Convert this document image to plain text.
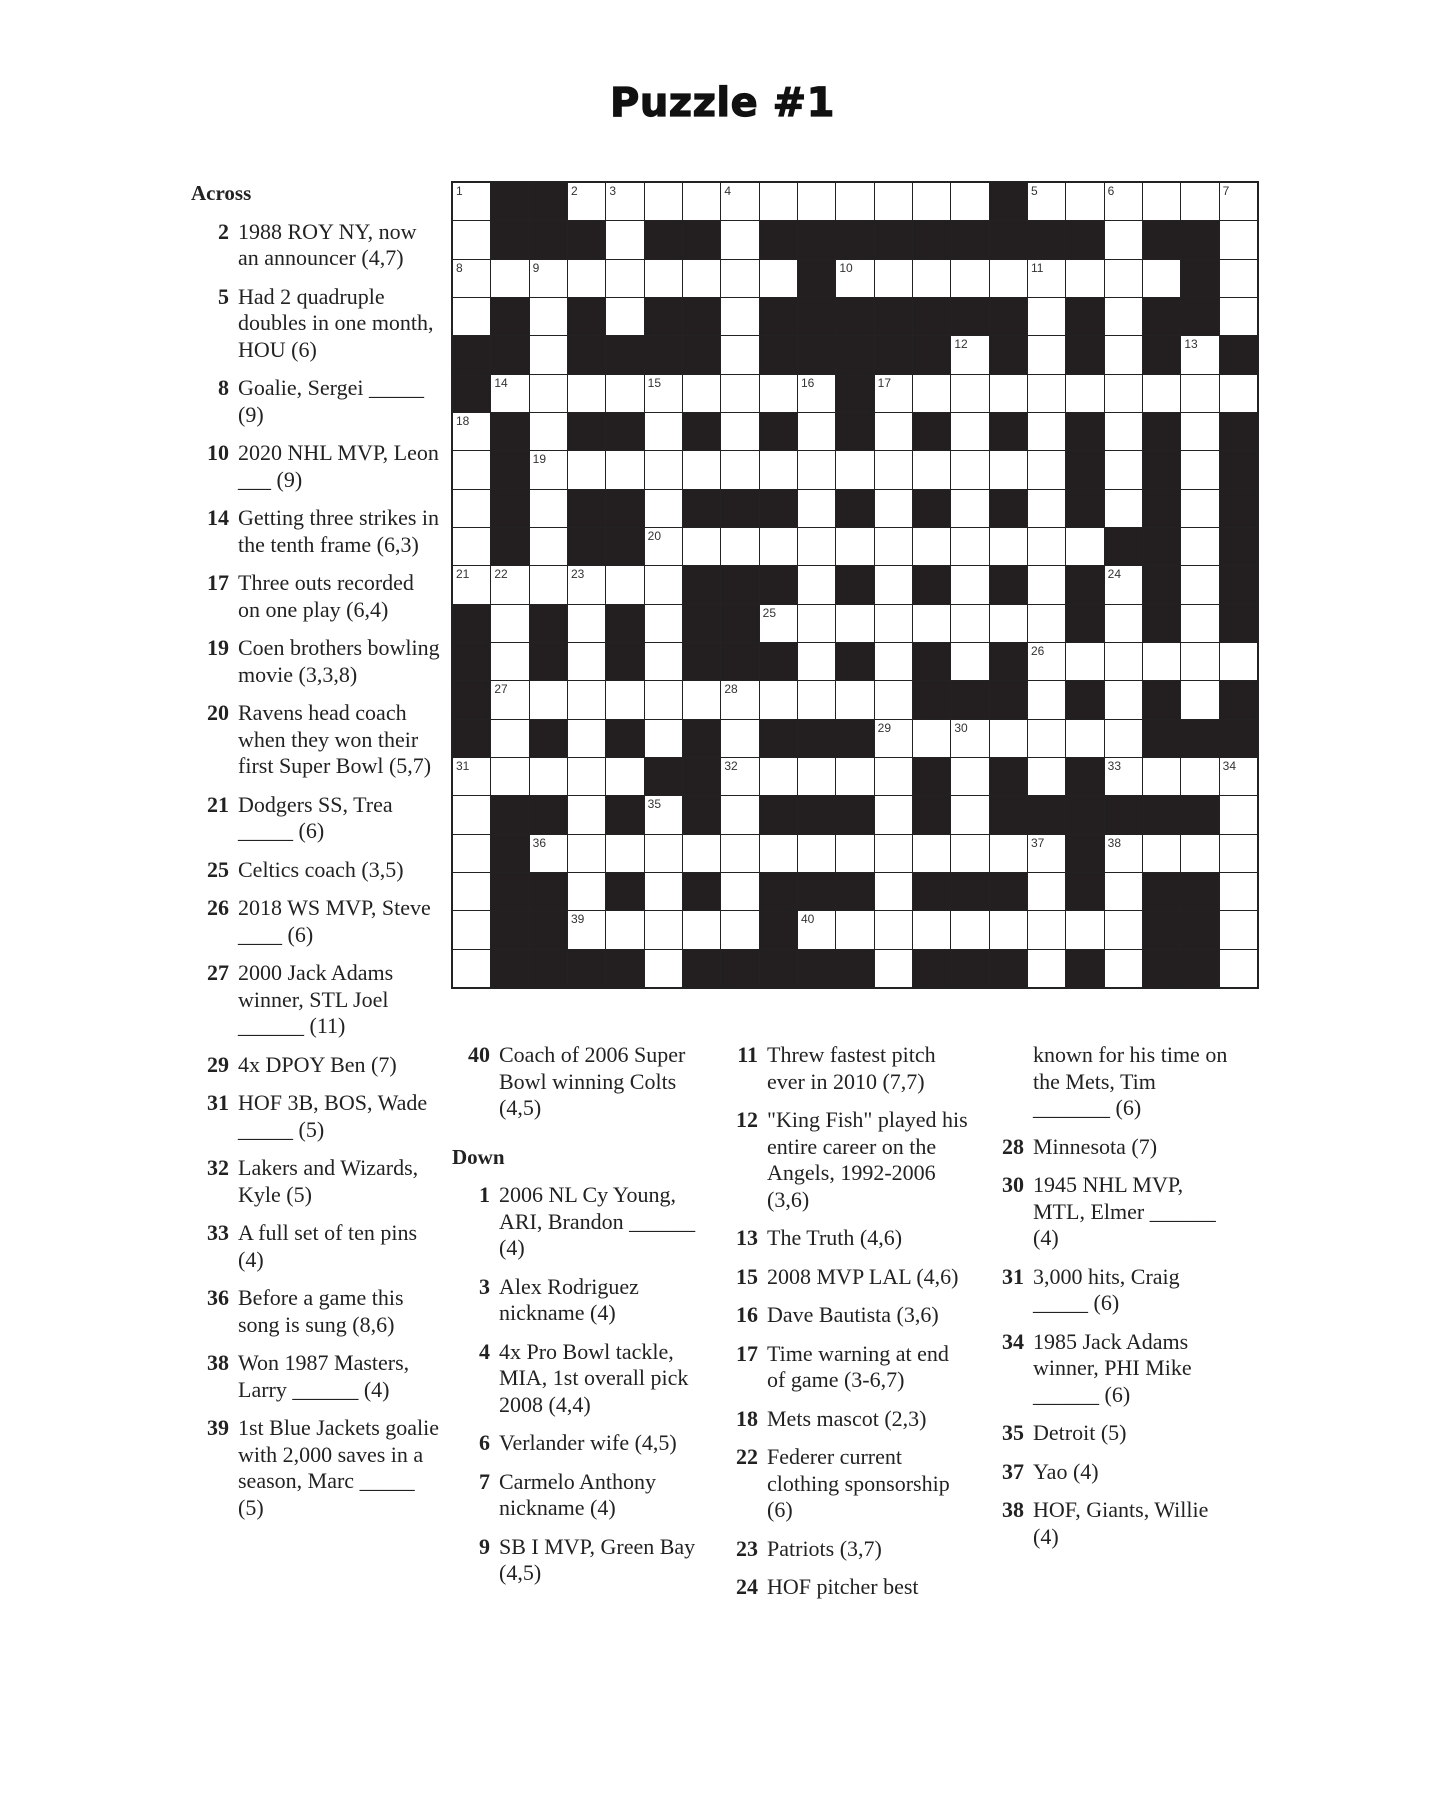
Puzzle #1
1	2	3	4	5	6	7
8	9	10	11
12	13
14	15	16	17
18
19
20
21 22	23	24
25
26
27	28
29	30
31	32	33	34
35
36	37	38
39	40
Across
2 1988 ROY NY, now an announcer (4,7)
5 Had 2 quadruple doubles in one month, HOU (6)
8 Goalie, Sergei _____ (9)
10 2020 NHL MVP, Leon ___ (9)
14 Getting three strikes in the tenth frame (6,3)
17 Three outs recorded on one play (6,4)
19 Coen brothers bowling movie (3,3,8)
20 Ravens head coach when they won their first Super Bowl (5,7)
21 Dodgers SS, Trea _____ (6)
25 Celtics coach (3,5)
26 2018 WS MVP, Steve ____ (6)
27 2000 Jack Adams winner, STL Joel ______ (11)
29 4x DPOY Ben (7)
31 HOF 3B, BOS, Wade _____ (5)
32 Lakers and Wizards, Kyle (5)
33 A full set of ten pins (4)
36 Before a game this song is sung (8,6)
38 Won 1987 Masters, Larry ______ (4)
39 1st Blue Jackets goalie with 2,000 saves in a season, Marc _____ (5)
40 Coach of 2006 Super Bowl winning Colts (4,5)
Down
1 2006 NL Cy Young, ARI, Brandon ______ (4)
3 Alex Rodriguez nickname (4)
4 4x Pro Bowl tackle, MIA, 1st overall pick 2008 (4,4)
6 Verlander wife (4,5)
7 Carmelo Anthony nickname (4)
9 SB I MVP, Green Bay (4,5)
11 Threw fastest pitch ever in 2010 (7,7)
12 "King Fish" played his entire career on the Angels, 1992-2006 (3,6)
13 The Truth (4,6)
15 2008 MVP LAL (4,6)
16 Dave Bautista (3,6)
17 Time warning at end of game (3-6,7)
18 Mets mascot (2,3)
22 Federer current clothing sponsorship (6)
23 Patriots (3,7)
24 HOF pitcher best
known for his time on the Mets, Tim _______ (6)
28 Minnesota (7)
30 1945 NHL MVP, MTL, Elmer ______ (4)
31 3,000 hits, Craig _____ (6)
34 1985 Jack Adams winner, PHI Mike ______ (6)
35 Detroit (5)
37 Yao (4)
38 HOF, Giants, Willie (4)
